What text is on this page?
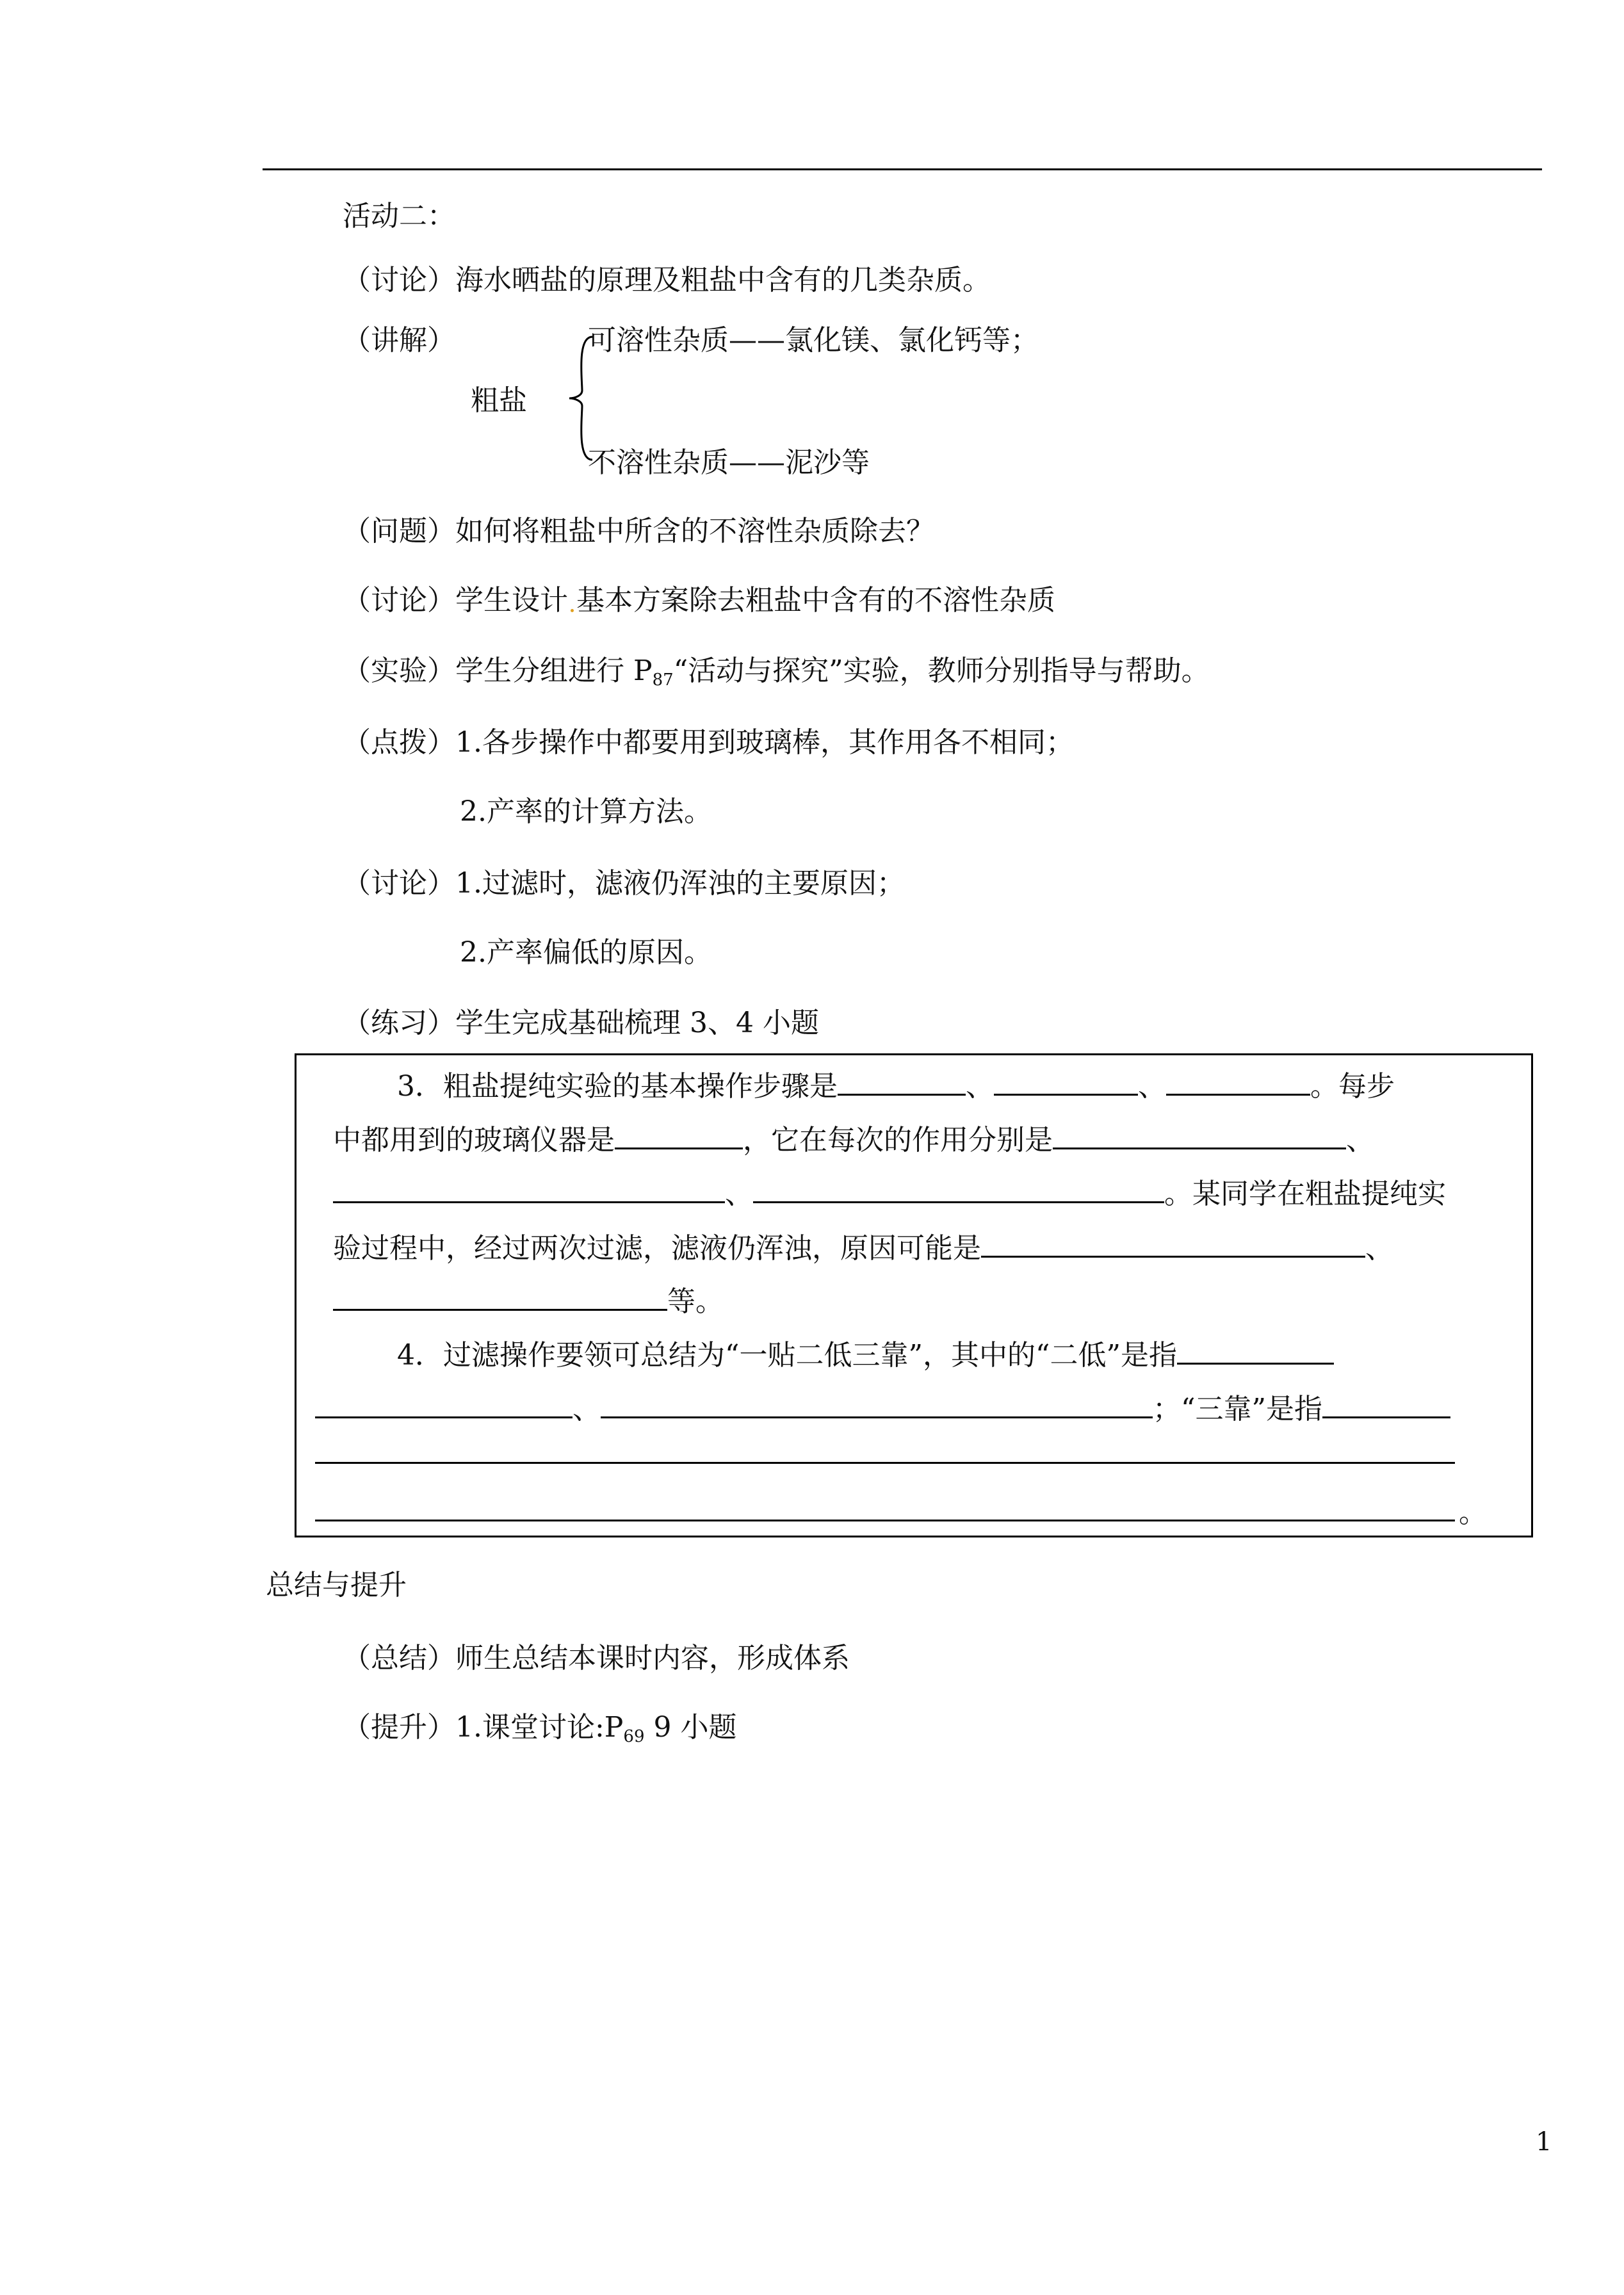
活动二：
（讨论）海水晒盐的原理及粗盐中含有的几类杂质。
（讲解）	可溶性杂质——氯化镁、氯化钙等；
粗盐
不溶性杂质——泥沙等
（问题）如何将粗盐中所含的不溶性杂质除去？
（讨论）学生设计 基本方案除去粗盐中含有的不溶性杂质
（实验）学生分组进行 $P_{87}“$活动与探究”实验，教师分别指导与帮助。
（点拨）1.各步操作中都要用到玻璃棒，其作用各不相同；
2.产率的计算方法。
（讨论）1.过滤时，滤液仍浑浊的主要原因；
2.产率偏低的原因。
（练习）学生完成基础梳理 3、4 小题
3．粗盐提纯实验的基本操作步骤是	、	、	。每步
中都用到的玻璃仪器是	，它在每次的作用分别是	、
、	。某同学在粗盐提纯实
验过程中，经过两次过滤，滤液仍浑浊，原因可能是	、
等。
4．过滤操作要领可总结为“一贴二低三靠”，其中的“二低”是指
、	；“三靠”是指
。
总结与提升
（总结）师生总结本课时内容，形成体系
（提升）1.课堂讨论$:P_{69}$ 9 小题
1
